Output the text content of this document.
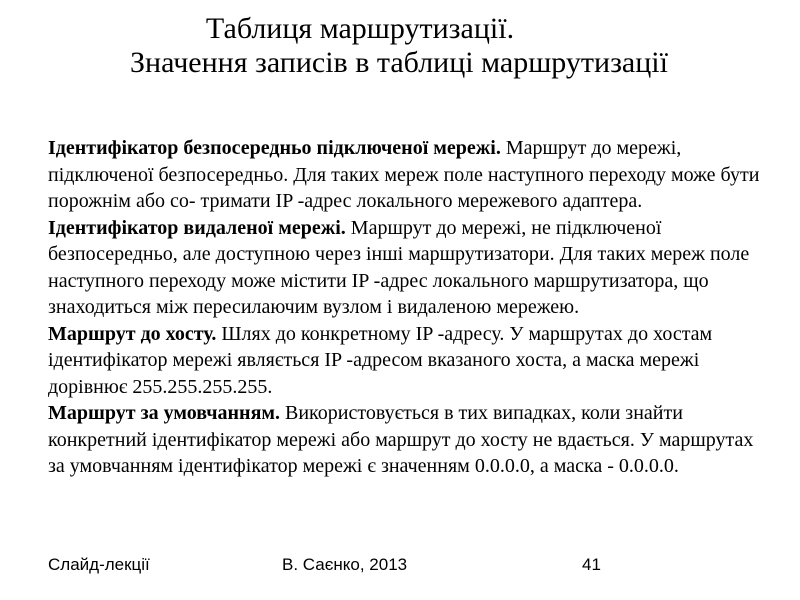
Таблиця маршрутизації.
Значення записів в таблиці маршрутизації

Ідентифікатор безпосередньо підключеної мережі. Маршрут до мережі, підключеної безпосередньо. Для таких мереж поле наступного переходу може бути порожнім або со- тримати IP -адрес локального мережевого адаптера.

Ідентифікатор видаленої мережі. Маршрут до мережі, не підключеної безпосередньо, але доступною через інші маршрутизатори. Для таких мереж поле наступного переходу може містити IP -адрес локального маршрутизатора, що знаходиться між пересилаючим вузлом і видаленою мережею.

Маршрут до хосту. Шлях до конкретному IP -адресу. У маршрутах до хостам ідентифікатор мережі являється IP -адресом вказаного хоста, а маска мережі дорівнює 255.255.255.255.

Маршрут за умовчанням. Використовується в тих випадках, коли знайти конкретний ідентифікатор мережі або маршрут до хосту не вдається. У маршрутах за умовчанням ідентифікатор мережі є значенням 0.0.0.0, а маска - 0.0.0.0.

Слайд-лекції	В. Саєнко, 2013	41
